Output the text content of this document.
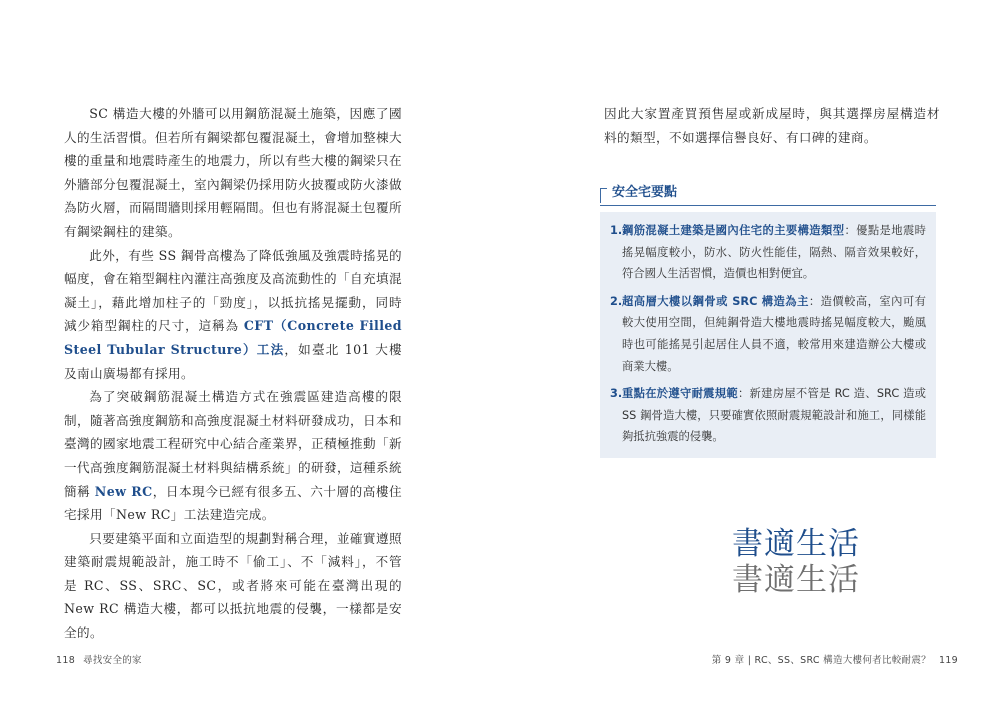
SC 構造大樓的外牆可以用鋼筋混凝土施築，因應了國人的生活習慣。但若所有鋼梁都包覆混凝土，會增加整棟大樓的重量和地震時產生的地震力，所以有些大樓的鋼梁只在外牆部分包覆混凝土，室內鋼梁仍採用防火披覆或防火漆做為防火層，而隔間牆則採用輕隔間。但也有將混凝土包覆所有鋼梁鋼柱的建築。

此外，有些 SS 鋼骨高樓為了降低強風及強震時搖晃的幅度，會在箱型鋼柱內灌注高強度及高流動性的「自充填混凝土」，藉此增加柱子的「勁度」，以抵抗搖晃擺動，同時減少箱型鋼柱的尺寸，這稱為 CFT（Concrete Filled Steel Tubular Structure）工法，如臺北 101 大樓及南山廣場都有採用。

為了突破鋼筋混凝土構造方式在強震區建造高樓的限制，隨著高強度鋼筋和高強度混凝土材料研發成功，日本和臺灣的國家地震工程研究中心結合產業界，正積極推動「新一代高強度鋼筋混凝土材料與結構系統」的研發，這種系統簡稱 New RC，日本現今已經有很多五、六十層的高樓住宅採用「New RC」工法建造完成。

只要建築平面和立面造型的規劃對稱合理，並確實遵照建築耐震規範設計，施工時不「偷工」、不「減料」，不管是 RC、SS、SRC、SC，或者將來可能在臺灣出現的 New RC 構造大樓，都可以抵抗地震的侵襲，一樣都是安全的。

118 尋找安全的家

因此大家置產買預售屋或新成屋時，與其選擇房屋構造材料的類型，不如選擇信譽良好、有口碑的建商。

安全宅要點
1. 鋼筋混凝土建築是國內住宅的主要構造類型：優點是地震時搖晃幅度較小，防水、防火性能佳，隔熱、隔音效果較好，符合國人生活習慣，造價也相對便宜。
2. 超高層大樓以鋼骨或 SRC 構造為主：造價較高，室內可有較大使用空間，但純鋼骨造大樓地震時搖晃幅度較大，颱風時也可能搖晃引起居住人員不適，較常用來建造辦公大樓或商業大樓。
3. 重點在於遵守耐震規範：新建房屋不管是 RC 造、SRC 造或 SS 鋼骨造大樓，只要確實依照耐震規範設計和施工，同樣能夠抵抗強震的侵襲。
書適生活
書適生活
第 9 章 | RC、SS、SRC 構造大樓何者比較耐震？ 119
